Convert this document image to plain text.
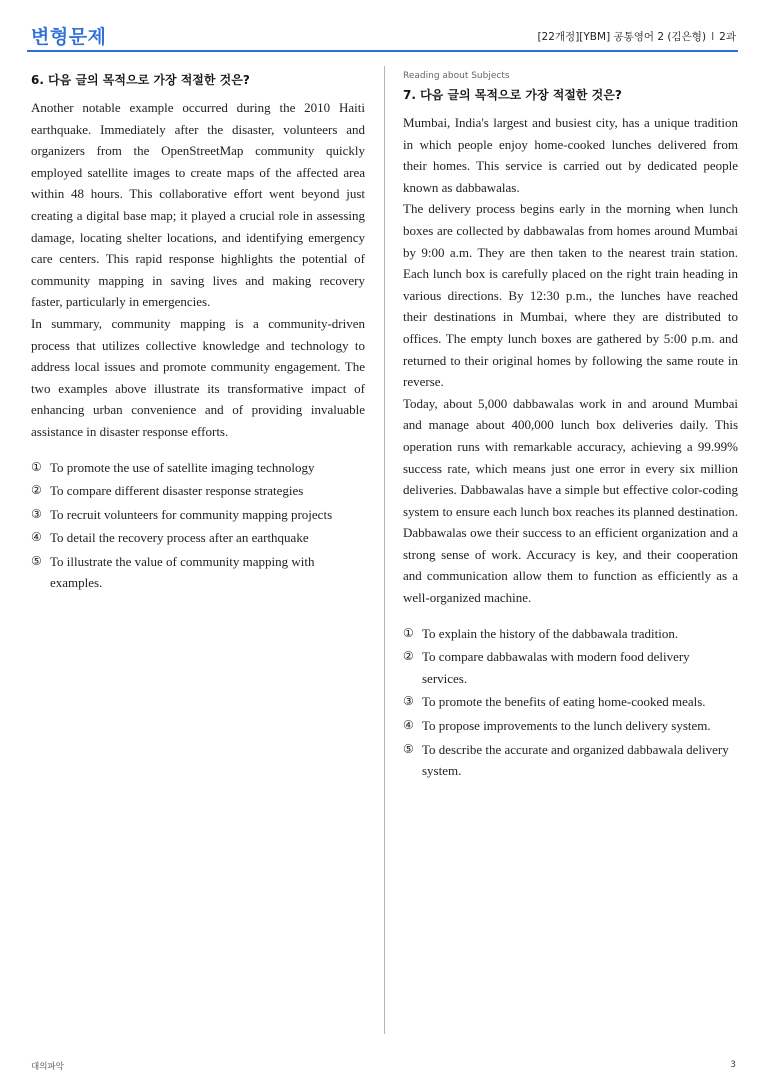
변형문제	[22개정][YBM] 공통영어 2 (김은형) I 2과
6. 다음 글의 목적으로 가장 적절한 것은?

Another notable example occurred during the 2010 Haiti earthquake. Immediately after the disaster, volunteers and organizers from the OpenStreetMap community quickly employed satellite images to create maps of the affected area within 48 hours. This collaborative effort went beyond just creating a digital base map; it played a crucial role in assessing damage, locating shelter locations, and identifying emergency care centers. This rapid response highlights the potential of community mapping in saving lives and making recovery faster, particularly in emergencies.

In summary, community mapping is a community-driven process that utilizes collective knowledge and technology to address local issues and promote community engagement. The two examples above illustrate its transformative impact of enhancing urban convenience and of providing invaluable assistance in disaster response efforts.

① To promote the use of satellite imaging technology
② To compare different disaster response strategies
③ To recruit volunteers for community mapping projects
④ To detail the recovery process after an earthquake
⑤ To illustrate the value of community mapping with examples.
Reading about Subjects
7. 다음 글의 목적으로 가장 적절한 것은?

Mumbai, India's largest and busiest city, has a unique tradition in which people enjoy home-cooked lunches delivered from their homes. This service is carried out by dedicated people known as dabbawalas.

The delivery process begins early in the morning when lunch boxes are collected by dabbawalas from homes around Mumbai by 9:00 a.m. They are then taken to the nearest train station. Each lunch box is carefully placed on the right train heading in various directions. By 12:30 p.m., the lunches have reached their destinations in Mumbai, where they are distributed to offices. The empty lunch boxes are gathered by 5:00 p.m. and returned to their original homes by following the same route in reverse.

Today, about 5,000 dabbawalas work in and around Mumbai and manage about 400,000 lunch box deliveries daily. This operation runs with remarkable accuracy, achieving a 99.99% success rate, which means just one error in every six million deliveries. Dabbawalas have a simple but effective color-coding system to ensure each lunch box reaches its planned destination. Dabbawalas owe their success to an efficient organization and a strong sense of work. Accuracy is key, and their cooperation and communication allow them to function as efficiently as a well-organized machine.

① To explain the history of the dabbawala tradition.
② To compare dabbawalas with modern food delivery services.
③ To promote the benefits of eating home-cooked meals.
④ To propose improvements to the lunch delivery system.
⑤ To describe the accurate and organized dabbawala delivery system.
대의파악	3
